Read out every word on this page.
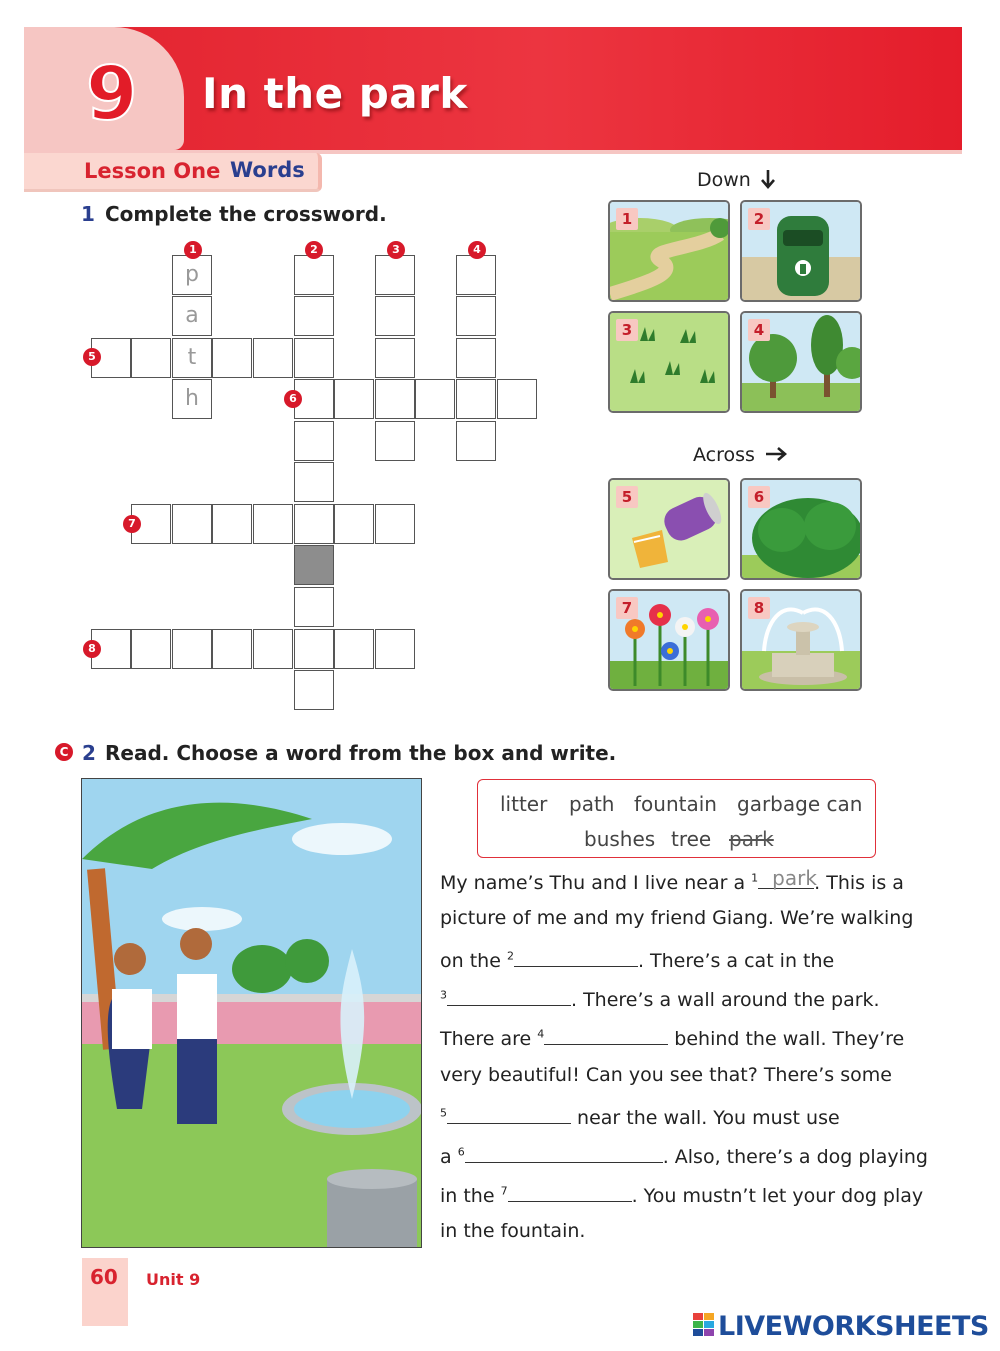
9 In the park
Lesson One Words
1 Complete the crossword.
p
a
t
h
1	2	3	4
5
6
7
8
Down
1	2
3	4
Across
5	6
7	8
C 2 Read. Choose a word from the box and write.
litter path fountain garbage can
bushes tree park
My name’s Thu and I live near a $^1$ park
. This is a
picture of me and my friend Giang. We’re walking
on the $^2$	. There’s a cat in the
$^3$	. There’s a wall around the park.
There are $^4$	behind the wall. They’re
very beautiful! Can you see that? There’s some
$^5$	near the wall. You must use
a $^6$	. Also, there’s a dog playing
in the $^7$	. You mustn’t let your dog play
in the fountain.
60 Unit 9
LIVEWORKSHEETS
